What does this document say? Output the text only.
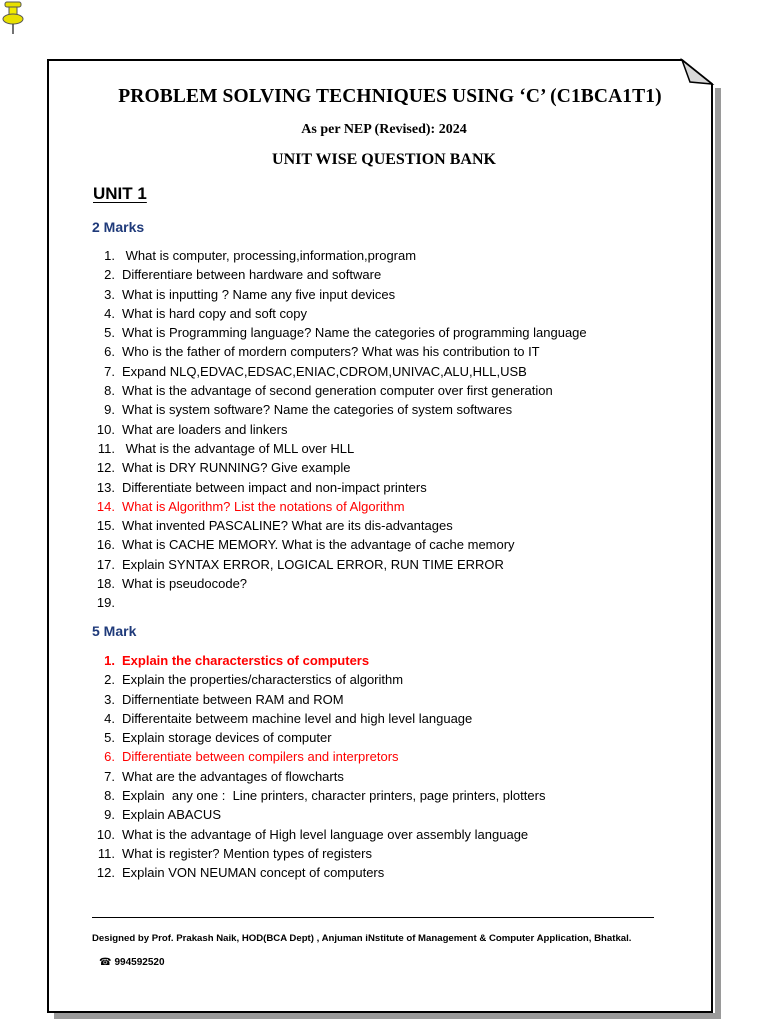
PROBLEM SOLVING TECHNIQUES USING ‘C’ (C1BCA1T1)
As per NEP (Revised): 2024
UNIT WISE QUESTION BANK
UNIT 1
2 Marks
1. What is computer, processing,information,program
2. Differentiare between hardware and software
3. What is inputting ? Name any five input devices
4. What is hard copy and soft copy
5. What is Programming language? Name the categories of programming language
6. Who is the father of mordern computers? What was his contribution to IT
7. Expand NLQ,EDVAC,EDSAC,ENIAC,CDROM,UNIVAC,ALU,HLL,USB
8. What is the advantage of second generation computer over first generation
9. What is system software? Name the categories of system softwares
10. What are loaders and linkers
11. What is the advantage of MLL over HLL
12. What is DRY RUNNING? Give example
13. Differentiate between impact and non-impact printers
14. What is Algorithm? List the notations of Algorithm
15. What invented PASCALINE? What are its dis-advantages
16. What is CACHE MEMORY. What is the advantage of cache memory
17. Explain SYNTAX ERROR, LOGICAL ERROR, RUN TIME ERROR
18. What is pseudocode?
19.
5 Mark
1. Explain the characterstics of computers
2. Explain the properties/characterstics of algorithm
3. Differnentiate between RAM and ROM
4. Differentaite betweem machine level and high level language
5. Explain storage devices of computer
6. Differentiate between compilers and interpretors
7. What are the advantages of flowcharts
8. Explain  any one :  Line printers, character printers, page printers, plotters
9. Explain ABACUS
10. What is the advantage of High level language over assembly language
11. What is register? Mention types of registers
12. Explain VON NEUMAN concept of computers
Designed by Prof. Prakash Naik, HOD(BCA Dept) , Anjuman iNstitute of Management & Computer Application, Bhatkal.
☎ 994592520
